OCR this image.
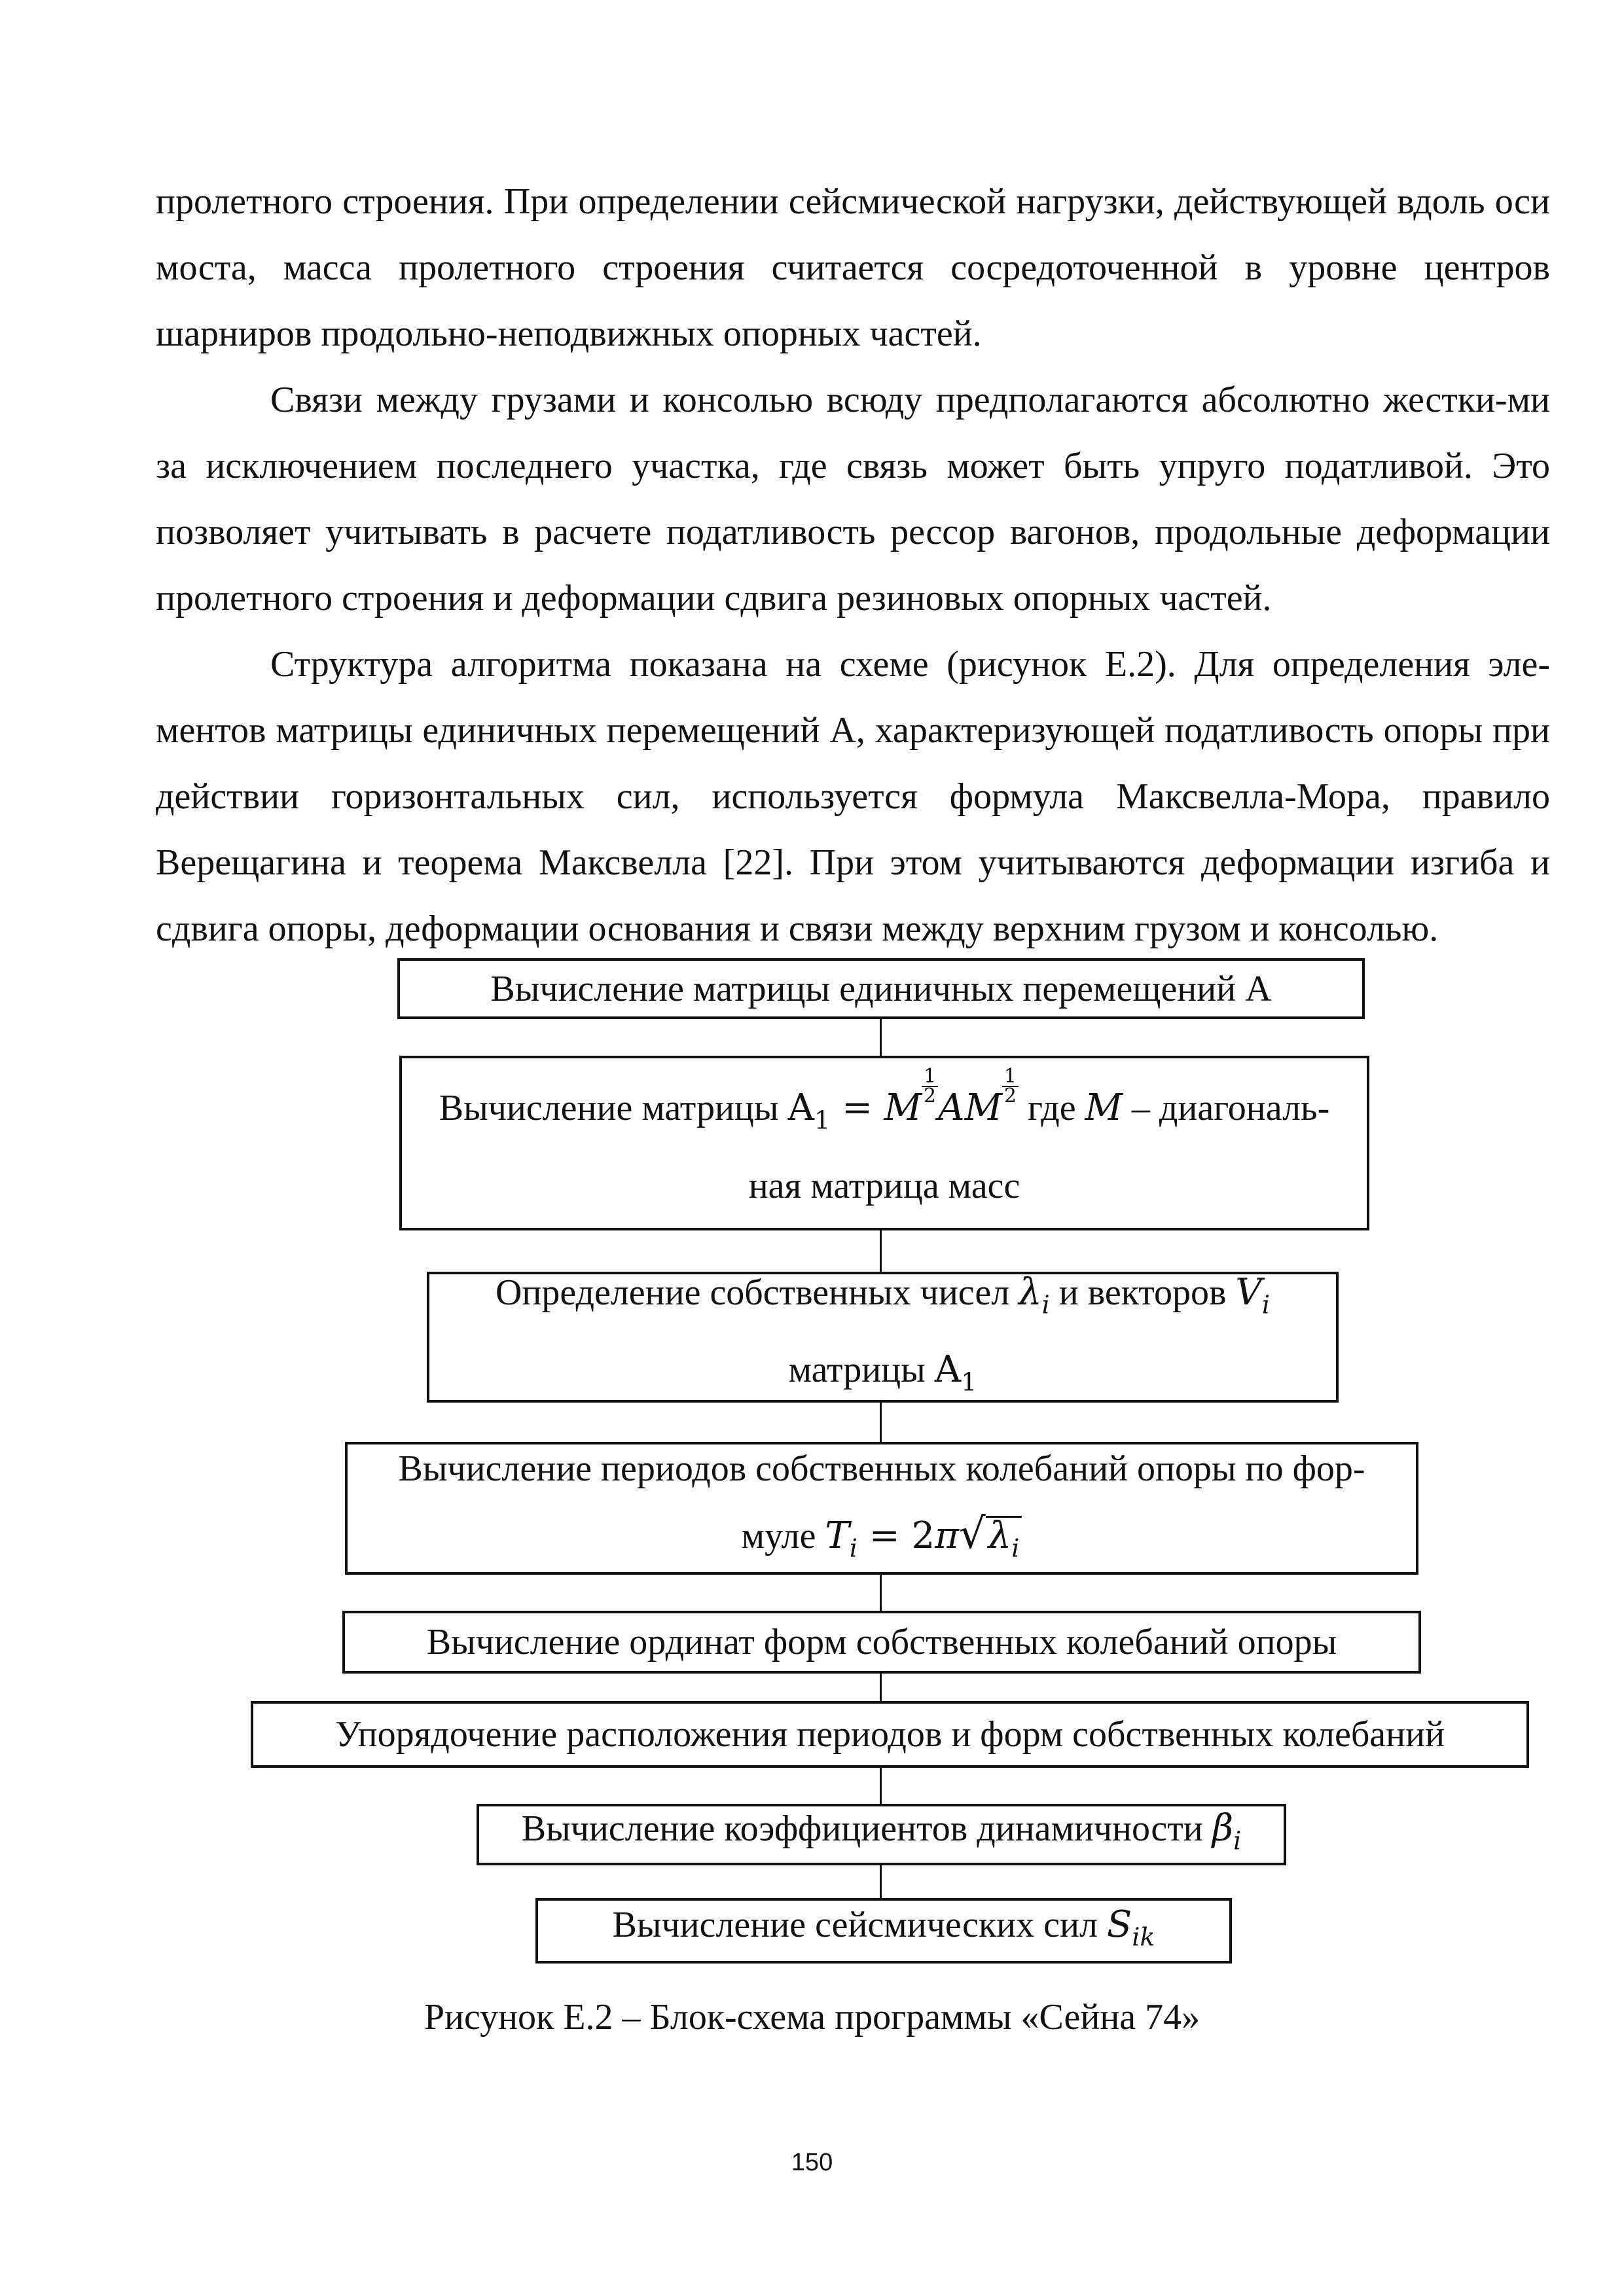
пролетного строения. При определении сейсмической нагрузки, действующей вдоль оси моста, масса пролетного строения считается сосредоточенной в уровне центров шарниров продольно-неподвижных опорных частей.

Связи между грузами и консолью всюду предполагаются абсолютно жестки-ми за исключением последнего участка, где связь может быть упруго податливой. Это позволяет учитывать в расчете податливость рессор вагонов, продольные деформации пролетного строения и деформации сдвига резиновых опорных частей.

Структура алгоритма показана на схеме (рисунок Е.2). Для определения эле-ментов матрицы единичных перемещений А, характеризующей податливость опоры при действии горизонтальных сил, используется формула Максвелла-Мора, правило Верещагина и теорема Максвелла [22]. При этом учитываются деформации изгиба и сдвига опоры, деформации основания и связи между верхним грузом и консолью.

Вычисление матрицы единичных перемещений А
Вычисление матрицы $A_1 = M \frac{1}{2}$ AM $\frac{1}{2}$
где M – диагональ-
ная матрица масс
Определение собственных чисел $\lambda_i$ и векторов $V_i$
матрицы $A_1$
Вычисление периодов собственных колебаний опоры по фор-
муле $T_i = 2\pi√\lambda_i$
Вычисление ординат форм собственных колебаний опоры
Упорядочение расположения периодов и форм собственных колебаний
Вычисление коэффициентов динамичности $\beta_i$
Вычисление сейсмических сил $S_{ik}$
Рисунок Е.2 – Блок-схема программы «Сейна 74»
150
